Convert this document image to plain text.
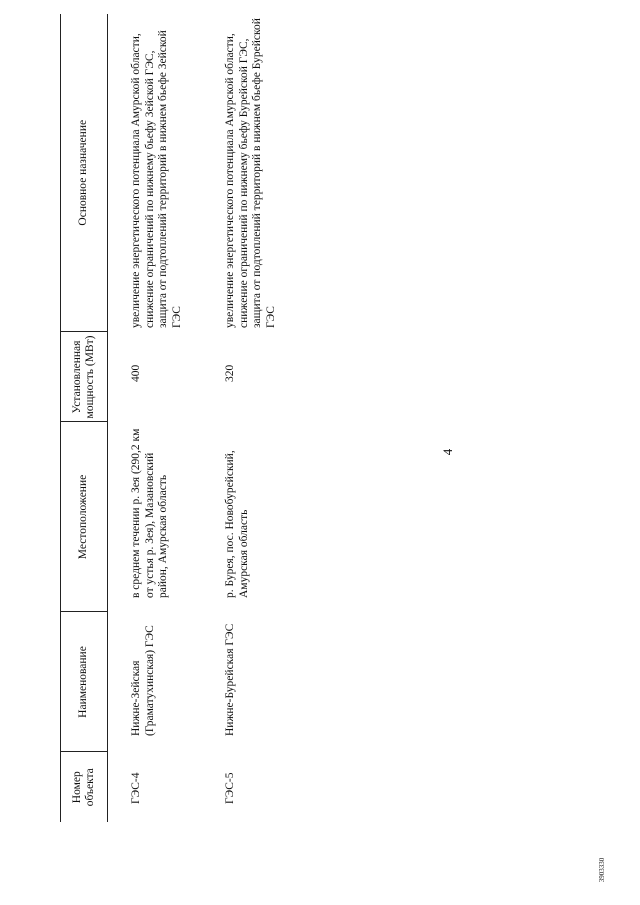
4
Номер объекта	Наименование	Местоположение	Установленная мощность (МВт)	Основное назначение
ГЭС-4	Нижне-Зейская (Граматухинская) ГЭС	в среднем течении р. Зея (290,2 км от устья р. Зея), Мазановский район, Амурская область	400	увеличение энергетического потенциала Амурской области, снижение ограничений по нижнему бьефу Зейской ГЭС, защита от подтоплений территорий в нижнем бьефе Зейской ГЭС
ГЭС-5	Нижне-Бурейская ГЭС	р. Бурея, пос. Новобурейский, Амурская область	320	увеличение энергетического потенциала Амурской области, снижение ограничений по нижнему бьефу Бурейской ГЭС, защита от подтоплений территорий в нижнем бьефе Бурейской ГЭС
3903330
